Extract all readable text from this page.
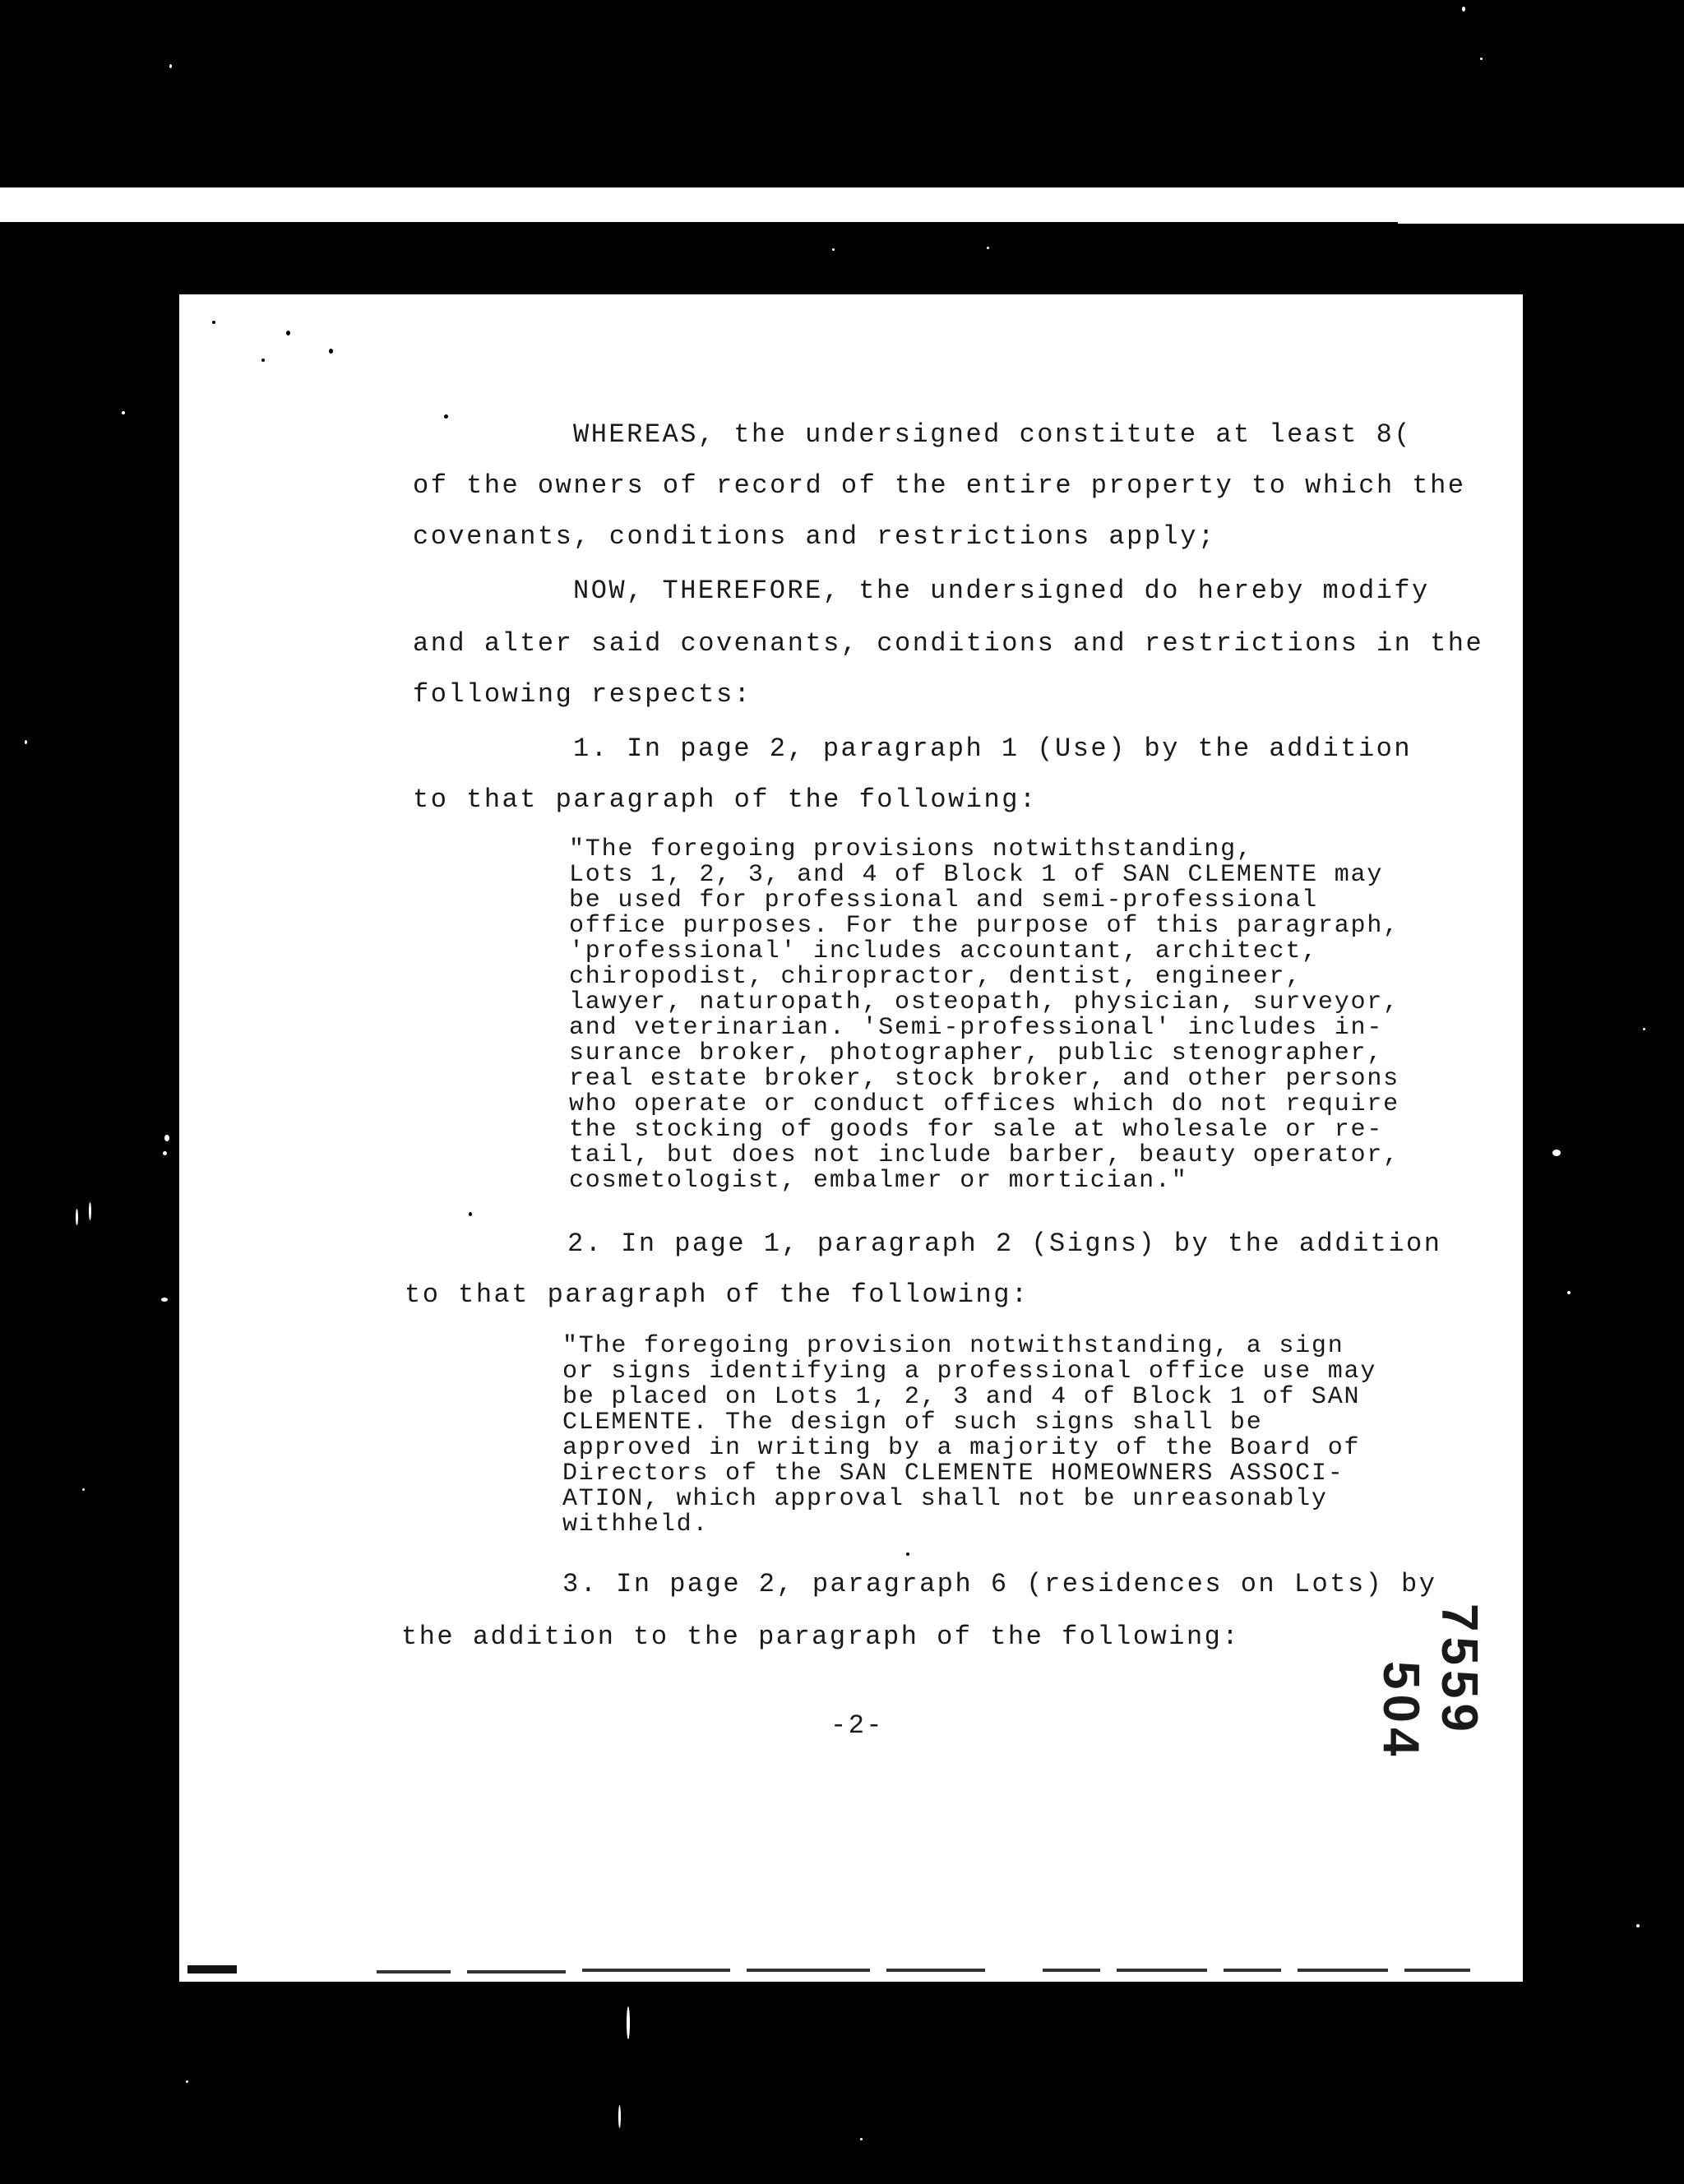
WHEREAS, the undersigned constitute at least 8(
of the owners of record of the entire property to which the
covenants, conditions and restrictions apply;
NOW, THEREFORE, the undersigned do hereby modify
and alter said covenants, conditions and restrictions in the
following respects:
1. In page 2, paragraph 1 (Use) by the addition
to that paragraph of the following:
"The foregoing provisions notwithstanding,
Lots 1, 2, 3, and 4 of Block 1 of SAN CLEMENTE may
be used for professional and semi-professional
office purposes. For the purpose of this paragraph,
'professional' includes accountant, architect,
chiropodist, chiropractor, dentist, engineer,
lawyer, naturopath, osteopath, physician, surveyor,
and veterinarian. 'Semi-professional' includes in-
surance broker, photographer, public stenographer,
real estate broker, stock broker, and other persons
who operate or conduct offices which do not require
the stocking of goods for sale at wholesale or re-
tail, but does not include barber, beauty operator,
cosmetologist, embalmer or mortician."
2. In page 1, paragraph 2 (Signs) by the addition
to that paragraph of the following:
"The foregoing provision notwithstanding, a sign
or signs identifying a professional office use may
be placed on Lots 1, 2, 3 and 4 of Block 1 of SAN
CLEMENTE. The design of such signs shall be
approved in writing by a majority of the Board of
Directors of the SAN CLEMENTE HOMEOWNERS ASSOCI-
ATION, which approval shall not be unreasonably
withheld.
3. In page 2, paragraph 6 (residences on Lots) by
the addition to the paragraph of the following:
-2-	7559 504
